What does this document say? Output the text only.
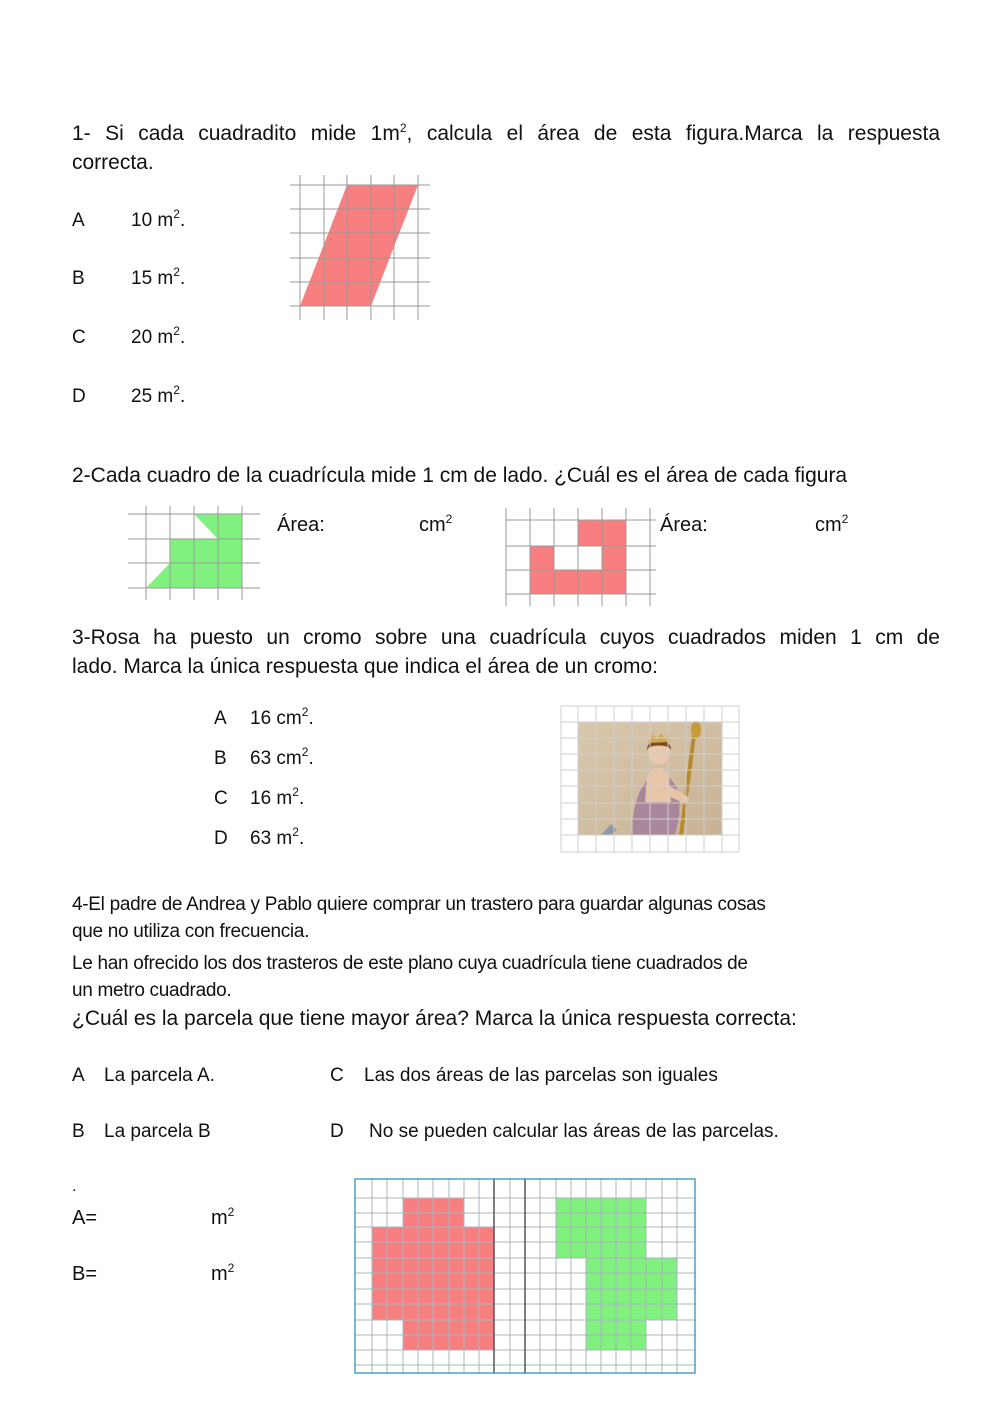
1- Si cada cuadradito mide $1m^2$, calcula el área de esta figura.Marca la respuesta
correcta.
A 10 $m^2$.
B 15 $m^2$.
C 20 $m^2$.
D 25 $m^2$.
2-Cada cuadro de la cuadrícula mide 1 cm de lado. ¿Cuál es el área de cada figura
Área:	$cm^2$	Área:	$cm^2$
3-Rosa ha puesto un cromo sobre una cuadrícula cuyos cuadrados miden 1 cm de
lado. Marca la única respuesta que indica el área de un cromo:
A 16 $cm^2$.
B 63 $cm^2$.
C 16 $m^2$.
D 63 $m^2$.
4-El padre de Andrea y Pablo quiere comprar un trastero para guardar algunas cosas
que no utiliza con frecuencia.
Le han ofrecido los dos trasteros de este plano cuya cuadrícula tiene cuadrados de
un metro cuadrado.
¿Cuál es la parcela que tiene mayor área? Marca la única respuesta correcta:
A La parcela A.
B La parcela B
C Las dos áreas de las parcelas son iguales
D No se pueden calcular las áreas de las parcelas.
.
A=	$m^2$
B=	$m^2$
